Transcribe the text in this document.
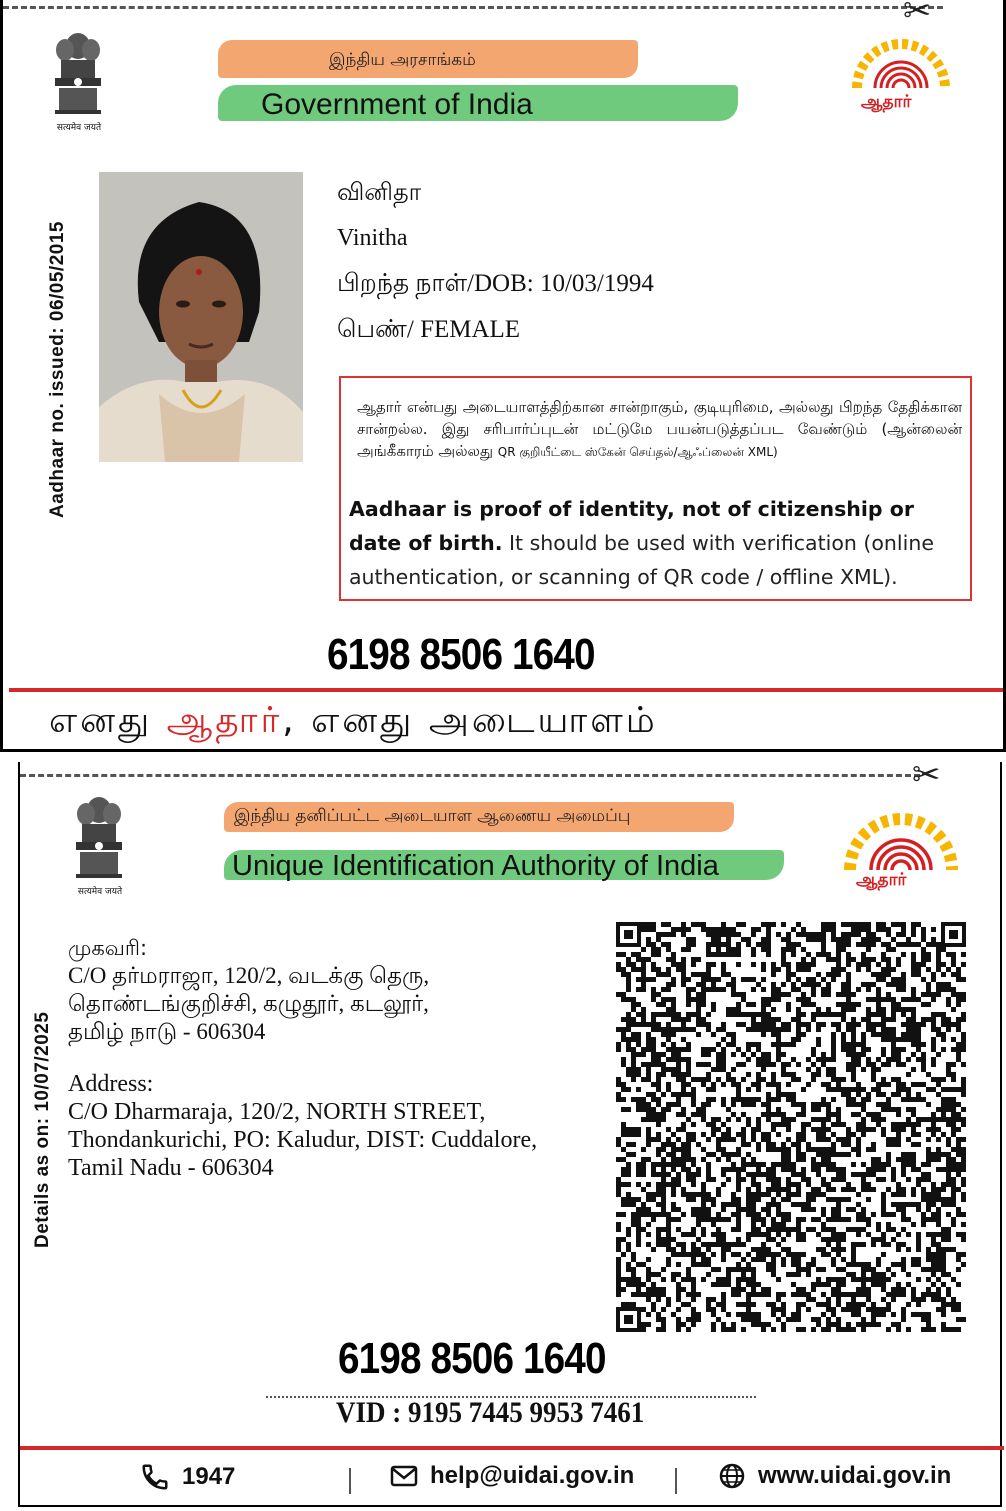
✂
सत्यमेव जयते
இந்திய அரசாங்கம்
Government of India	ஆதார்
Aadhaar no. issued: 06/05/2015
வினிதா
Vinitha
பிறந்த நாள்/DOB: 10/03/1994
பெண்/ FEMALE
ஆதார் என்பது அடையாளத்திற்கான சான்றாகும், குடியுரிமை, அல்லது பிறந்த தேதிக்கான சான்றல்ல. இது சரிபார்ப்புடன் மட்டுமே பயன்படுத்தப்பட வேண்டும் (ஆன்லைன் அங்கீகாரம் அல்லது QR குறியீட்டை ஸ்கேன் செய்தல்/ஆஃப்லைன் XML)
Aadhaar is proof of identity, not of citizenship or date of birth. It should be used with verification (online authentication, or scanning of QR code / offline XML).
6198 8506 1640
எனது ஆதார், எனது அடையாளம்
✂
सत्यमेव जयते
இந்திய தனிப்பட்ட அடையாள ஆணைய அமைப்பு
Unique Identification Authority of India	ஆதார்
Details as on: 10/07/2025
முகவரி:
C/O தர்மராஜா, 120/2, வடக்கு தெரு,
தொண்டங்குறிச்சி, கழுதூர், கடலூர்,
தமிழ் நாடு - 606304
Address:
C/O Dharmaraja, 120/2, NORTH STREET,
Thondankurichi, PO: Kaludur, DIST: Cuddalore,
Tamil Nadu - 606304
6198 8506 1640
VID : 9195 7445 9953 7461
1947	help@uidai.gov.in	www.uidai.gov.in
